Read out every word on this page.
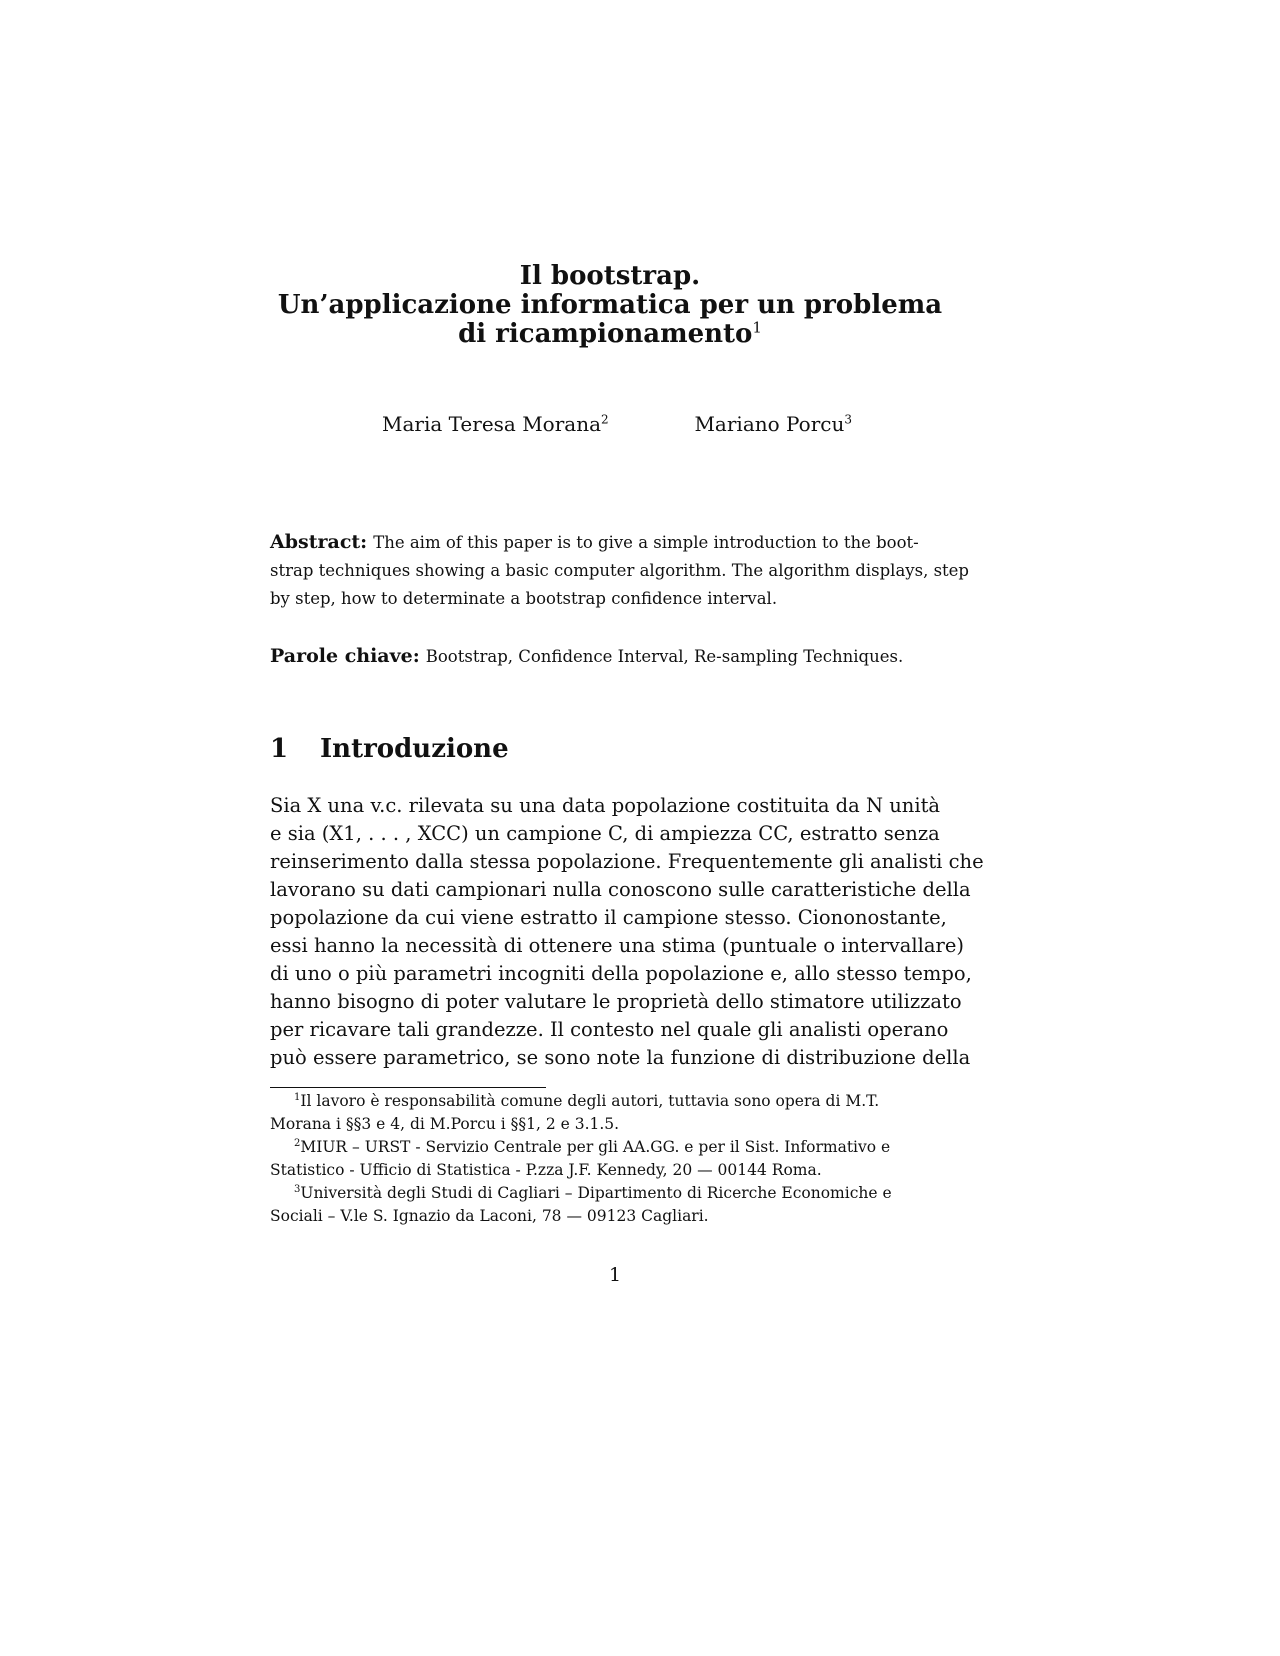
Il bootstrap.
Un’applicazione informatica per un problema
di ricampionamento$^1$
Maria Teresa Morana$^2$	Mariano Porcu$^3$
Abstract: The aim of this paper is to give a simple introduction to the boot-
strap techniques showing a basic computer algorithm. The algorithm displays, step
by step, how to determinate a bootstrap confidence interval.
Parole chiave: Bootstrap, Confidence Interval, Re-sampling Techniques.
1 Introduzione
Sia X una v.c. rilevata su una data popolazione costituita da N unità
e sia (X1, . . . , XCC) un campione C, di ampiezza CC, estratto senza
reinserimento dalla stessa popolazione. Frequentemente gli analisti che
lavorano su dati campionari nulla conoscono sulle caratteristiche della
popolazione da cui viene estratto il campione stesso. Ciononostante,
essi hanno la necessità di ottenere una stima (puntuale o intervallare)
di uno o più parametri incogniti della popolazione e, allo stesso tempo,
hanno bisogno di poter valutare le proprietà dello stimatore utilizzato
per ricavare tali grandezze. Il contesto nel quale gli analisti operano
può essere parametrico, se sono note la funzione di distribuzione della
$^1$Il lavoro è responsabilità comune degli autori, tuttavia sono opera di M.T.
Morana i §§3 e 4, di M.Porcu i §§1, 2 e 3.1.5.
$^2$MIUR – URST - Servizio Centrale per gli AA.GG. e per il Sist. Informativo e
Statistico - Ufficio di Statistica - P.zza J.F. Kennedy, 20 — 00144 Roma.
$^3$Università degli Studi di Cagliari – Dipartimento di Ricerche Economiche e
Sociali – V.le S. Ignazio da Laconi, 78 — 09123 Cagliari.
1
